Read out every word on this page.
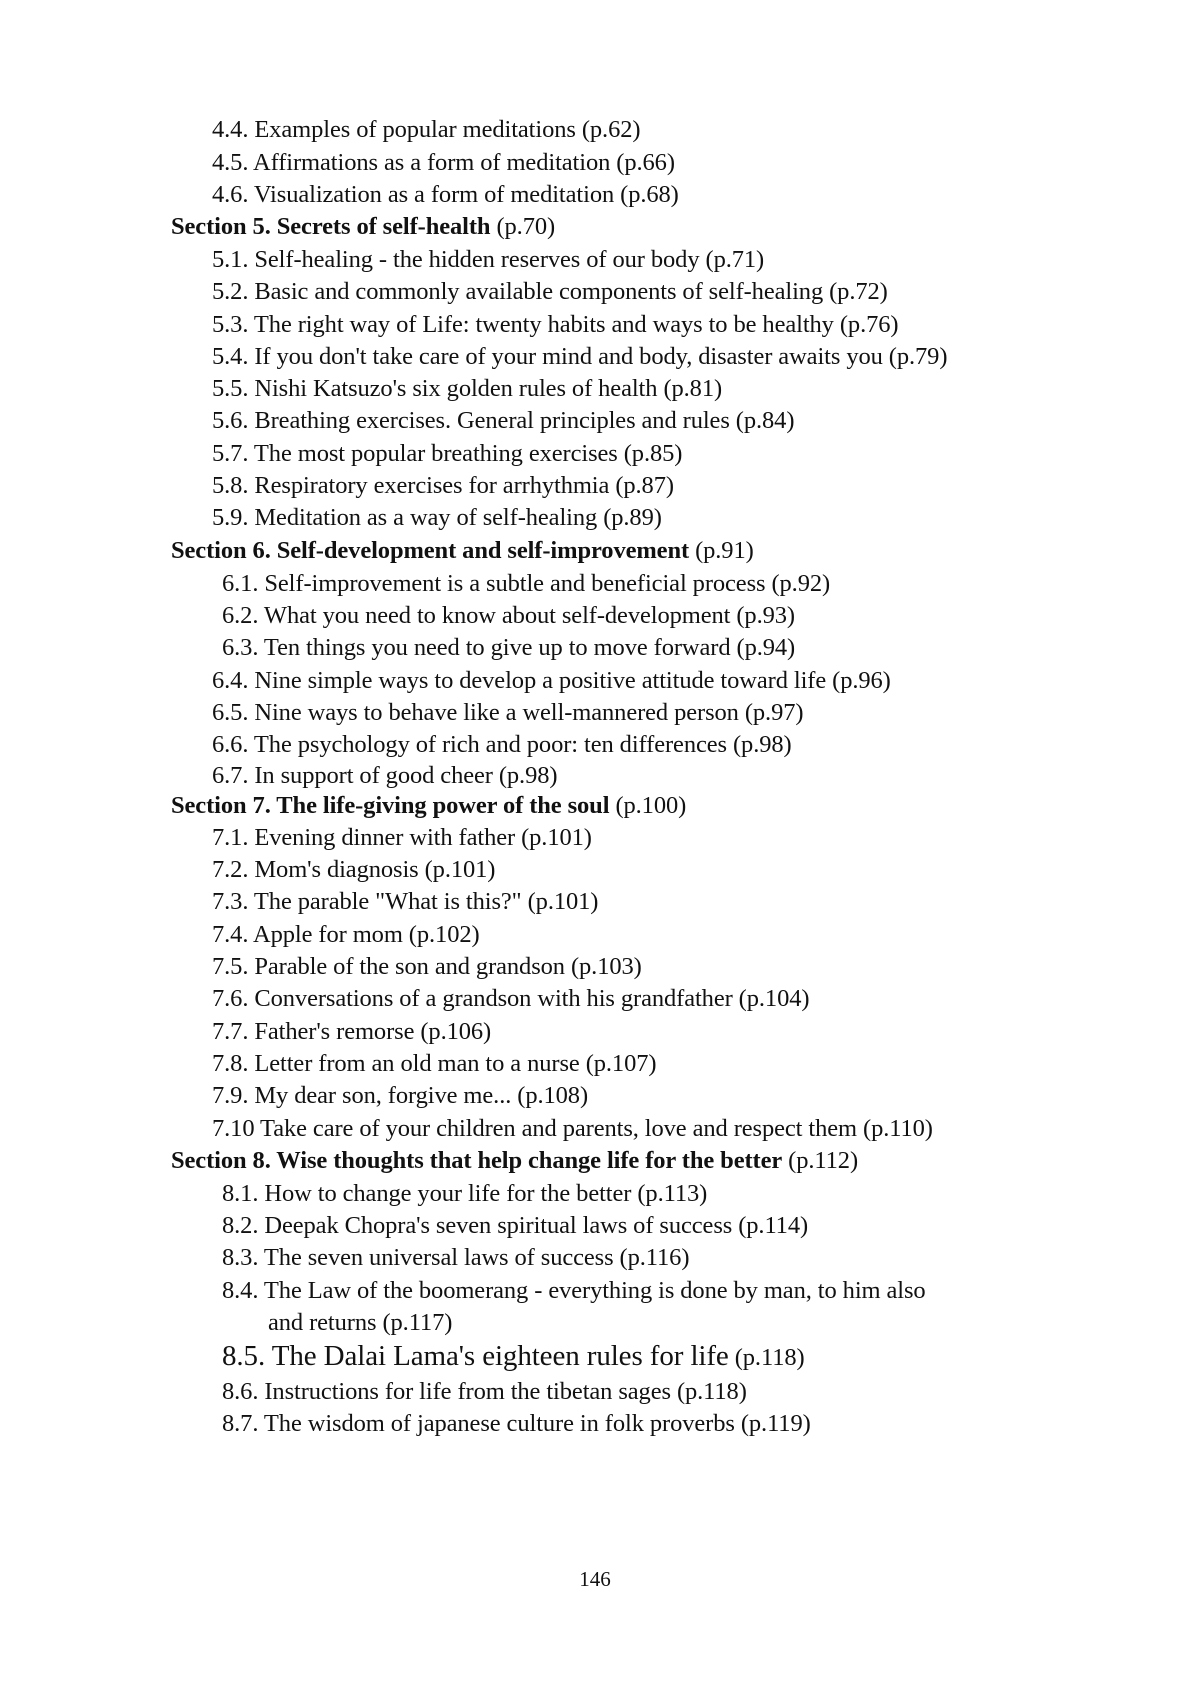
4.4. Examples of popular meditations (p.62)
4.5. Affirmations as a form of meditation (p.66)
4.6. Visualization as a form of meditation (p.68)
Section 5. Secrets of self-health (p.70)
5.1. Self-healing - the hidden reserves of our body (p.71)
5.2. Basic and commonly available components of self-healing (p.72)
5.3. The right way of Life: twenty habits and ways to be healthy (p.76)
5.4. If you don't take care of your mind and body, disaster awaits you (p.79)
5.5. Nishi Katsuzo's six golden rules of health (p.81)
5.6. Breathing exercises. General principles and rules (p.84)
5.7. The most popular breathing exercises (p.85)
5.8. Respiratory exercises for arrhythmia (p.87)
5.9. Meditation as a way of self-healing (p.89)
Section 6. Self-development and self-improvement (p.91)
6.1. Self-improvement is a subtle and beneficial process (p.92)
6.2. What you need to know about self-development (p.93)
6.3. Ten things you need to give up to move forward (p.94)
6.4. Nine simple ways to develop a positive attitude toward life (p.96)
6.5. Nine ways to behave like a well-mannered person (p.97)
6.6. The psychology of rich and poor: ten differences (p.98)
6.7. In support of good cheer (p.98)
Section 7. The life-giving power of the soul (p.100)
7.1. Evening dinner with father (p.101)
7.2. Mom's diagnosis (p.101)
7.3. The parable "What is this?" (p.101)
7.4. Apple for mom (p.102)
7.5. Parable of the son and grandson (p.103)
7.6. Conversations of a grandson with his grandfather (p.104)
7.7. Father's remorse (p.106)
7.8. Letter from an old man to a nurse (p.107)
7.9. My dear son, forgive me... (p.108)
7.10 Take care of your children and parents, love and respect them (p.110)
Section 8. Wise thoughts that help change life for the better (p.112)
8.1. How to change your life for the better (p.113)
8.2. Deepak Chopra's seven spiritual laws of success (p.114)
8.3. The seven universal laws of success (p.116)
8.4. The Law of the boomerang - everything is done by man, to him also
and returns (p.117)
8.5. The Dalai Lama's eighteen rules for life (p.118)
8.6. Instructions for life from the tibetan sages (p.118)
8.7. The wisdom of japanese culture in folk proverbs (p.119)
146
